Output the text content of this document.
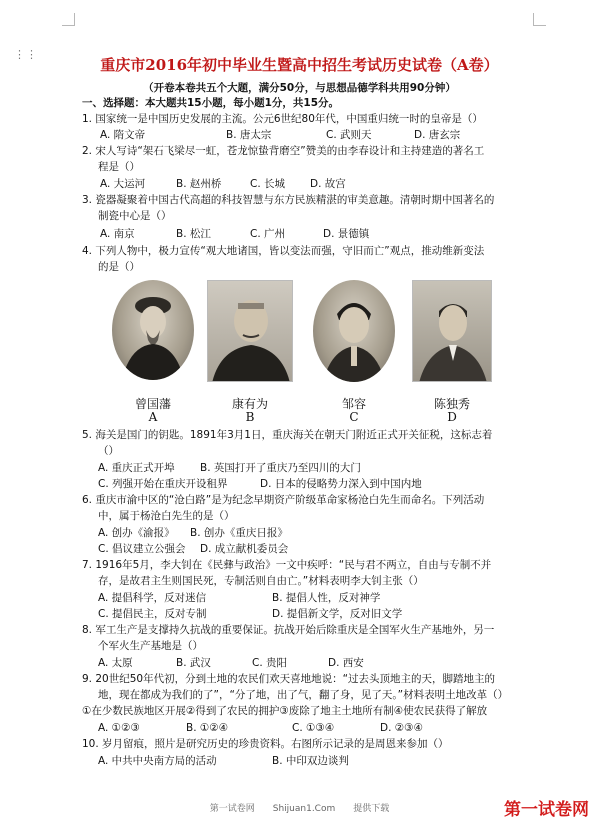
⋮⋮
重庆市2016年初中毕业生暨高中招生考试历史试卷（A卷）
（开卷本卷共五个大题，满分50分，与思想品德学科共用90分钟）
一、选择题：本大题共15小题，每小题1分，共15分。
1. 国家统一是中国历史发展的主流。公元6世纪80年代，中国重归统一时的皇帝是（）
A. 隋文帝	B. 唐太宗	C. 武则天	D. 唐玄宗
2. 宋人写诗“架石飞梁尽一虹，苍龙惊蛰背磨空”赞美的由李春设计和主持建造的著名工
程是（）
A. 大运河	B. 赵州桥	C. 长城 D. 故宫
3. 瓷器凝聚着中国古代高超的科技智慧与东方民族精湛的审美意趣。清朝时期中国著名的
制瓷中心是（）
A. 南京	B. 松江	C. 广州	D. 景德镇
4. 下列人物中，极力宣传“观大地诸国，皆以变法而强，守旧而亡”观点，推动维新变法
的是（）
曾国藩	康有为	邹容	陈独秀
A	B	C	D
5. 海关是国门的钥匙。1891年3月1日，重庆海关在朝天门附近正式开关征税，这标志着
（）
A. 重庆正式开埠 B. 英国打开了重庆乃至四川的大门
C. 列强开始在重庆开设租界	D. 日本的侵略势力深入到中国内地
6. 重庆市渝中区的“沧白路”是为纪念早期资产阶级革命家杨沧白先生而命名。下列活动
中，属于杨沧白先生的是（）
A. 创办《渝报》 B. 创办《重庆日报》
C. 倡议建立公强会 D. 成立献机委员会
7. 1916年5月，李大钊在《民彝与政治》一文中疾呼：“民与君不两立，自由与专制不并
存，是故君主生则国民死，专制活则自由亡。”材料表明李大钊主张（）
A. 提倡科学，反对迷信	B. 提倡人性，反对神学
C. 提倡民主，反对专制	D. 提倡新文学，反对旧文学
8. 军工生产是支撑持久抗战的重要保证。抗战开始后除重庆是全国军火生产基地外，另一
个军火生产基地是（）
A. 太原	B. 武汉	C. 贵阳	D. 西安
9. 20世纪50年代初，分到土地的农民们欢天喜地地说：“过去头顶地主的天，脚踏地主的
地，现在都成为我们的了”，“分了地，出了气，翻了身，见了天。”材料表明土地改革（）
①在少数民族地区开展②得到了农民的拥护③废除了地主土地所有制④使农民获得了解放
A. ①②③	B. ①②④	C. ①③④	D. ②③④
10. 岁月留痕，照片是研究历史的珍贵资料。右图所示记录的是周恩来参加（）
A. 中共中央南方局的活动	B. 中印双边谈判
第一试卷网　　Shijuan1.Com　　提供下载	第一试卷网
